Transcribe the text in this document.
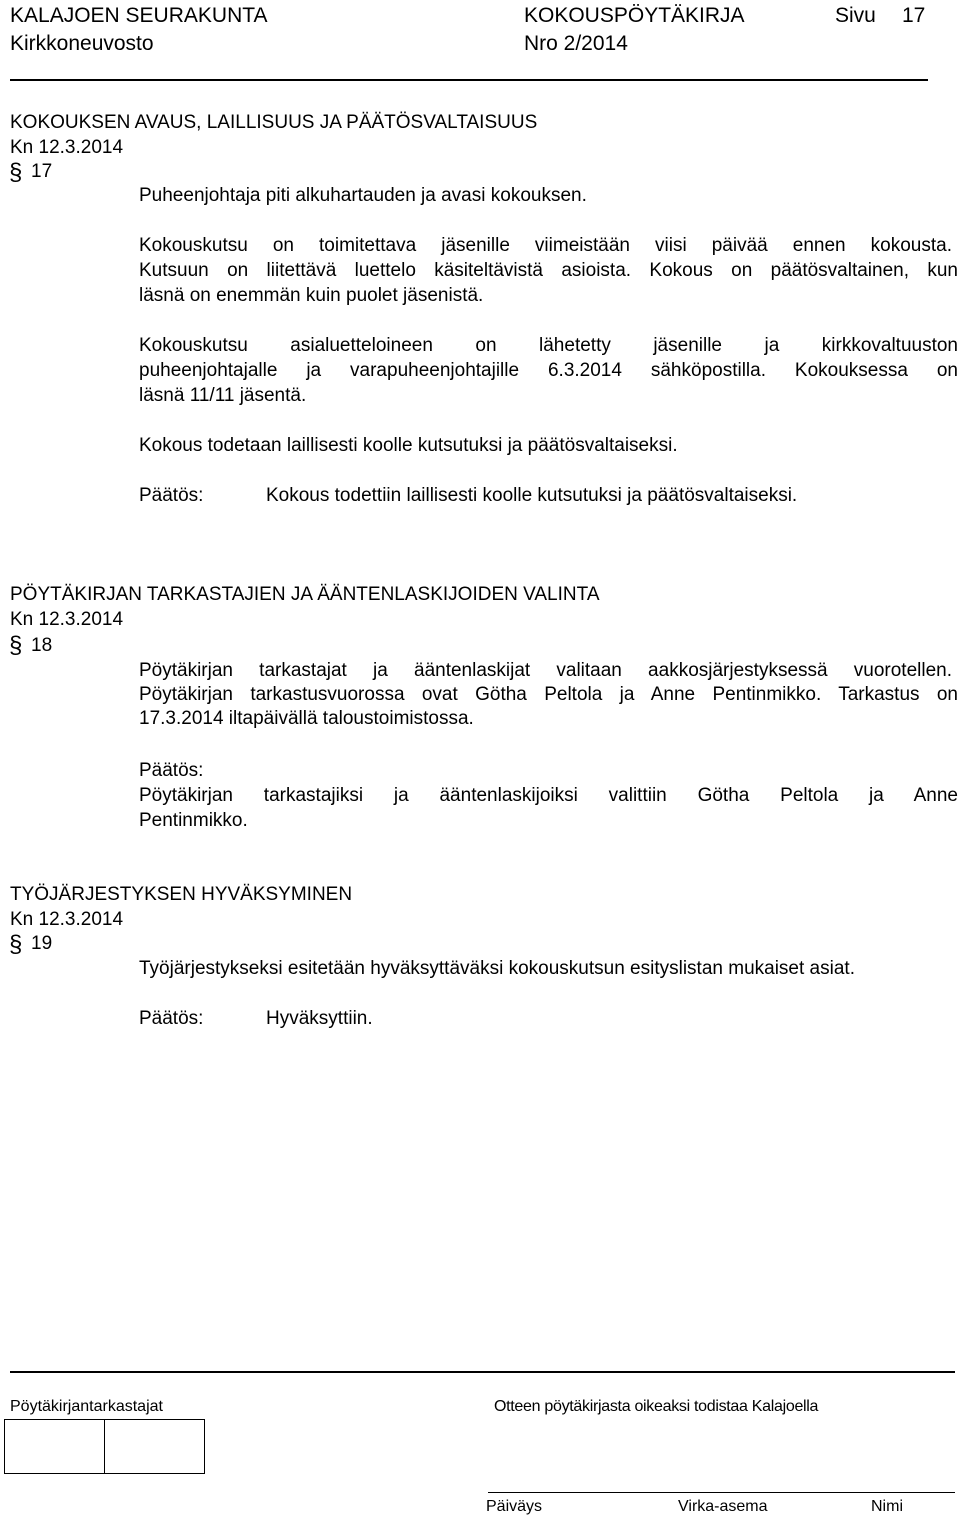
KALAJOEN SEURAKUNTA
Kirkkoneuvosto
KOKOUSPÖYTÄKIRJA
Nro 2/2014
Sivu 17
KOKOUKSEN AVAUS, LAILLISUUS JA PÄÄTÖSVALTAISUUS
Kn 12.3.2014
§ 17
Puheenjohtaja piti alkuhartauden ja avasi kokouksen.
Kokouskutsu on toimitettava jäsenille viimeistään viisi päivää ennen kokousta.
Kutsuun on liitettävä luettelo käsiteltävistä asioista. Kokous on päätösvaltainen, kun
läsnä on enemmän kuin puolet jäsenistä.
Kokouskutsu asialuetteloineen on lähetetty jäsenille ja kirkkovaltuuston
puheenjohtajalle ja varapuheenjohtajille 6.3.2014 sähköpostilla. Kokouksessa on
läsnä 11/11 jäsentä.
Kokous todetaan laillisesti koolle kutsutuksi ja päätösvaltaiseksi.
Päätös:	Kokous todettiin laillisesti koolle kutsutuksi ja päätösvaltaiseksi.
PÖYTÄKIRJAN TARKASTAJIEN JA ÄÄNTENLASKIJOIDEN VALINTA
Kn 12.3.2014
§ 18
Pöytäkirjan tarkastajat ja ääntenlaskijat valitaan aakkosjärjestyksessä vuorotellen.
Pöytäkirjan tarkastusvuorossa ovat Götha Peltola ja Anne Pentinmikko. Tarkastus on
17.3.2014 iltapäivällä taloustoimistossa.
Päätös:
Pöytäkirjan tarkastajiksi ja ääntenlaskijoiksi valittiin Götha Peltola ja Anne
Pentinmikko.
TYÖJÄRJESTYKSEN HYVÄKSYMINEN
Kn 12.3.2014
§ 19
Työjärjestykseksi esitetään hyväksyttäväksi kokouskutsun esityslistan mukaiset asiat.
Päätös:	Hyväksyttiin.
Pöytäkirjantarkastajat	Otteen pöytäkirjasta oikeaksi todistaa Kalajoella
Päiväys	Virka-asema	Nimi
